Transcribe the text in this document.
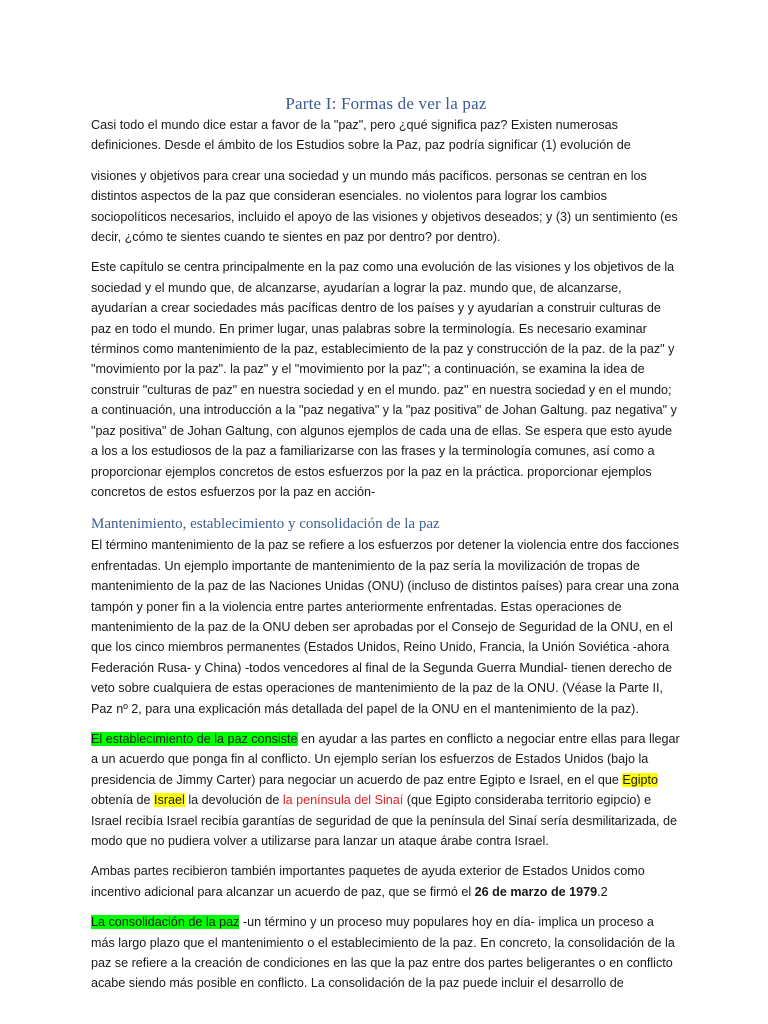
Parte I: Formas de ver la paz

Casi todo el mundo dice estar a favor de la "paz", pero ¿qué significa paz? Existen numerosas definiciones. Desde el ámbito de los Estudios sobre la Paz, paz podría significar (1) evolución de

visiones y objetivos para crear una sociedad y un mundo más pacíficos. personas se centran en los distintos aspectos de la paz que consideran esenciales. no violentos para lograr los cambios sociopolíticos necesarios, incluido el apoyo de las visiones y objetivos deseados; y (3) un sentimiento (es decir, ¿cómo te sientes cuando te sientes en paz por dentro? por dentro).

Este capítulo se centra principalmente en la paz como una evolución de las visiones y los objetivos de la sociedad y el mundo que, de alcanzarse, ayudarían a lograr la paz. mundo que, de alcanzarse, ayudarían a crear sociedades más pacíficas dentro de los países y y ayudarían a construir culturas de paz en todo el mundo. En primer lugar, unas palabras sobre la terminología. Es necesario examinar términos como mantenimiento de la paz, establecimiento de la paz y construcción de la paz. de la paz" y "movimiento por la paz". la paz" y el "movimiento por la paz"; a continuación, se examina la idea de construir "culturas de paz" en nuestra sociedad y en el mundo. paz" en nuestra sociedad y en el mundo; a continuación, una introducción a la "paz negativa" y la "paz positiva" de Johan Galtung. paz negativa" y "paz positiva" de Johan Galtung, con algunos ejemplos de cada una de ellas. Se espera que esto ayude a los a los estudiosos de la paz a familiarizarse con las frases y la terminología comunes, así como a proporcionar ejemplos concretos de estos esfuerzos por la paz en la práctica. proporcionar ejemplos concretos de estos esfuerzos por la paz en acción-

Mantenimiento, establecimiento y consolidación de la paz

El término mantenimiento de la paz se refiere a los esfuerzos por detener la violencia entre dos facciones enfrentadas. Un ejemplo importante de mantenimiento de la paz sería la movilización de tropas de mantenimiento de la paz de las Naciones Unidas (ONU) (incluso de distintos países) para crear una zona tampón y poner fin a la violencia entre partes anteriormente enfrentadas. Estas operaciones de mantenimiento de la paz de la ONU deben ser aprobadas por el Consejo de Seguridad de la ONU, en el que los cinco miembros permanentes (Estados Unidos, Reino Unido, Francia, la Unión Soviética -ahora Federación Rusa- y China) -todos vencedores al final de la Segunda Guerra Mundial- tienen derecho de veto sobre cualquiera de estas operaciones de mantenimiento de la paz de la ONU. (Véase la Parte II, Paz nº 2, para una explicación más detallada del papel de la ONU en el mantenimiento de la paz).

El establecimiento de la paz consiste en ayudar a las partes en conflicto a negociar entre ellas para llegar a un acuerdo que ponga fin al conflicto. Un ejemplo serían los esfuerzos de Estados Unidos (bajo la presidencia de Jimmy Carter) para negociar un acuerdo de paz entre Egipto e Israel, en el que Egipto obtenía de Israel la devolución de la península del Sinaí (que Egipto consideraba territorio egipcio) e Israel recibía Israel recibía garantías de seguridad de que la península del Sinaí sería desmilitarizada, de modo que no pudiera volver a utilizarse para lanzar un ataque árabe contra Israel.

Ambas partes recibieron también importantes paquetes de ayuda exterior de Estados Unidos como incentivo adicional para alcanzar un acuerdo de paz, que se firmó el 26 de marzo de 1979.2

La consolidación de la paz -un término y un proceso muy populares hoy en día- implica un proceso a más largo plazo que el mantenimiento o el establecimiento de la paz. En concreto, la consolidación de la paz se refiere a la creación de condiciones en las que la paz entre dos partes beligerantes o en conflicto acabe siendo más posible en conflicto. La consolidación de la paz puede incluir el desarrollo de
